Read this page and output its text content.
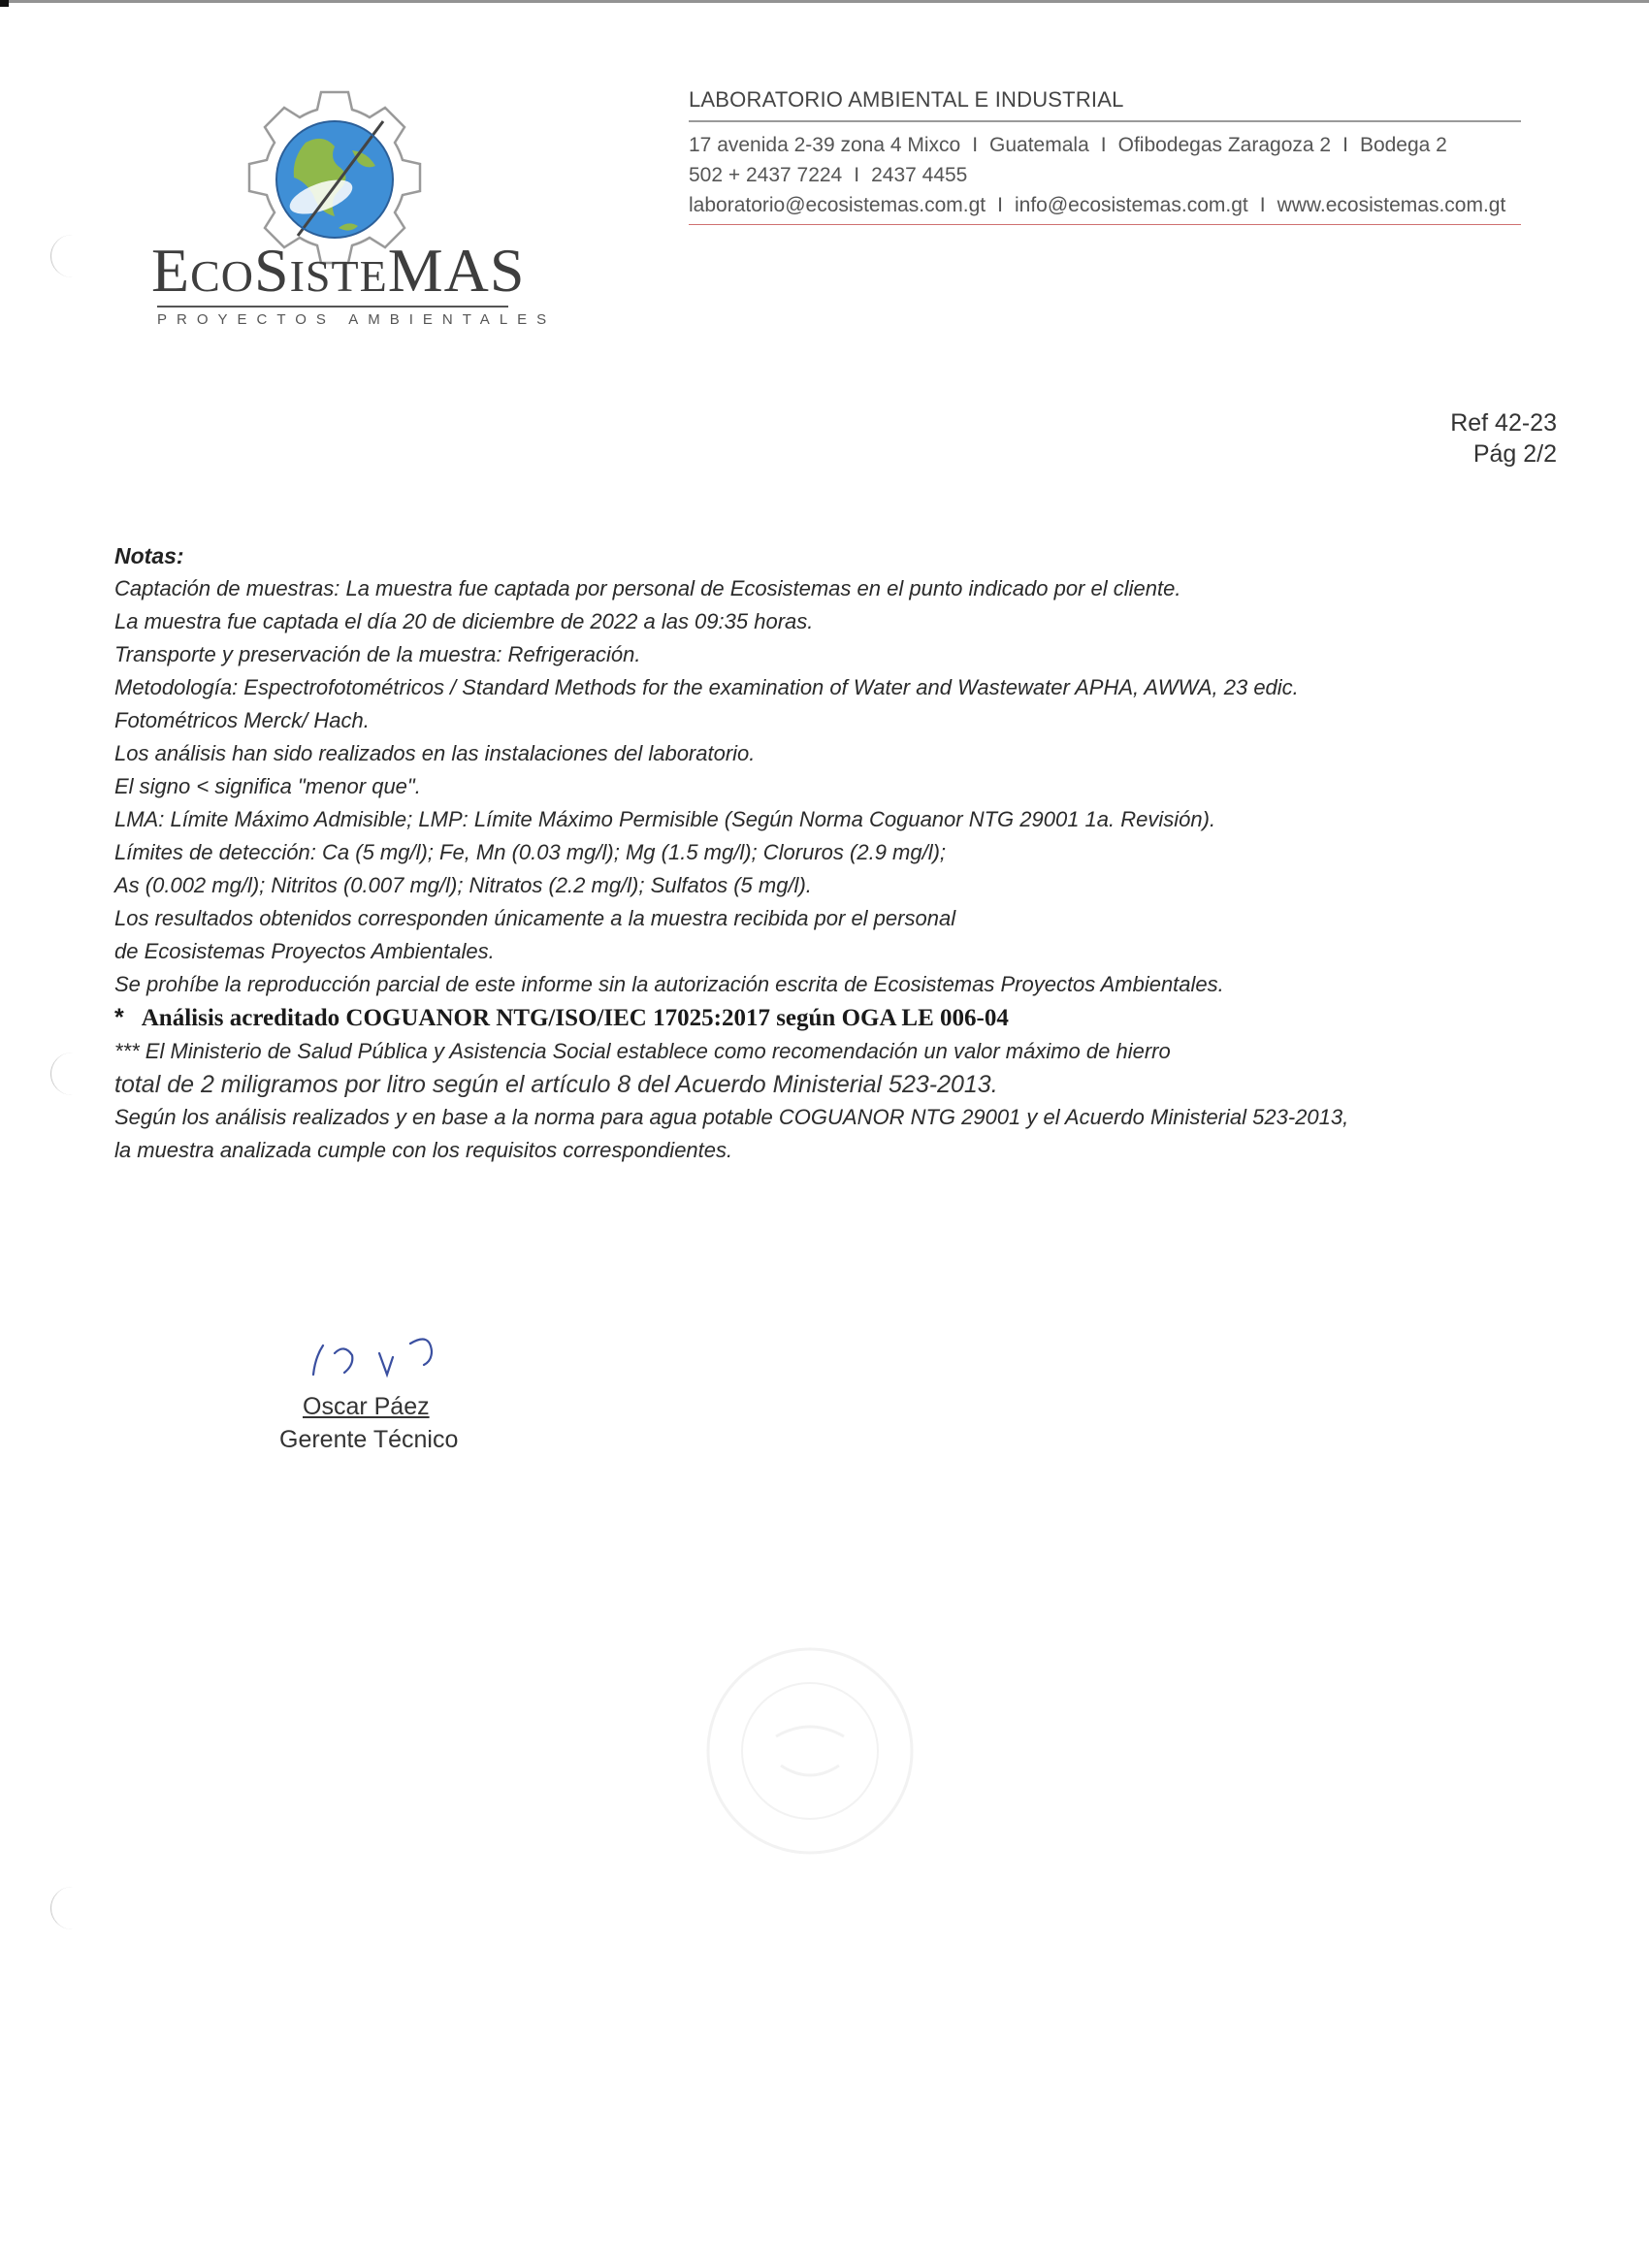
ECOSISTEMAS
PROYECTOS AMBIENTALES
LABORATORIO AMBIENTAL E INDUSTRIAL
17 avenida 2-39 zona 4 Mixco I Guatemala I Ofibodegas Zaragoza 2 I Bodega 2
502 + 2437 7224 I 2437 4455
laboratorio@ecosistemas.com.gt I info@ecosistemas.com.gt I www.ecosistemas.com.gt
Ref 42-23
Pág 2/2
Notas:
Captación de muestras: La muestra fue captada por personal de Ecosistemas en el punto indicado por el cliente.
La muestra fue captada el día 20 de diciembre de 2022 a las 09:35 horas.
Transporte y preservación de la muestra: Refrigeración.
Metodología: Espectrofotométricos / Standard Methods for the examination of Water and Wastewater APHA, AWWA, 23 edic.
Fotométricos Merck/ Hach.
Los análisis han sido realizados en las instalaciones del laboratorio.
El signo < significa "menor que".
LMA: Límite Máximo Admisible; LMP: Límite Máximo Permisible (Según Norma Coguanor NTG 29001 1a. Revisión).
Límites de detección: Ca (5 mg/l); Fe, Mn (0.03 mg/l); Mg (1.5 mg/l); Cloruros (2.9 mg/l);
As (0.002 mg/l); Nitritos (0.007 mg/l); Nitratos (2.2 mg/l); Sulfatos (5 mg/l).
Los resultados obtenidos corresponden únicamente a la muestra recibida por el personal
de Ecosistemas Proyectos Ambientales.
Se prohíbe la reproducción parcial de este informe sin la autorización escrita de Ecosistemas Proyectos Ambientales.
* Análisis acreditado COGUANOR NTG/ISO/IEC 17025:2017 según OGA LE 006-04
*** El Ministerio de Salud Pública y Asistencia Social establece como recomendación un valor máximo de hierro
total de 2 miligramos por litro según el artículo 8 del Acuerdo Ministerial 523-2013.
Según los análisis realizados y en base a la norma para agua potable COGUANOR NTG 29001 y el Acuerdo Ministerial 523-2013,
la muestra analizada cumple con los requisitos correspondientes.
Oscar Páez
Gerente Técnico
